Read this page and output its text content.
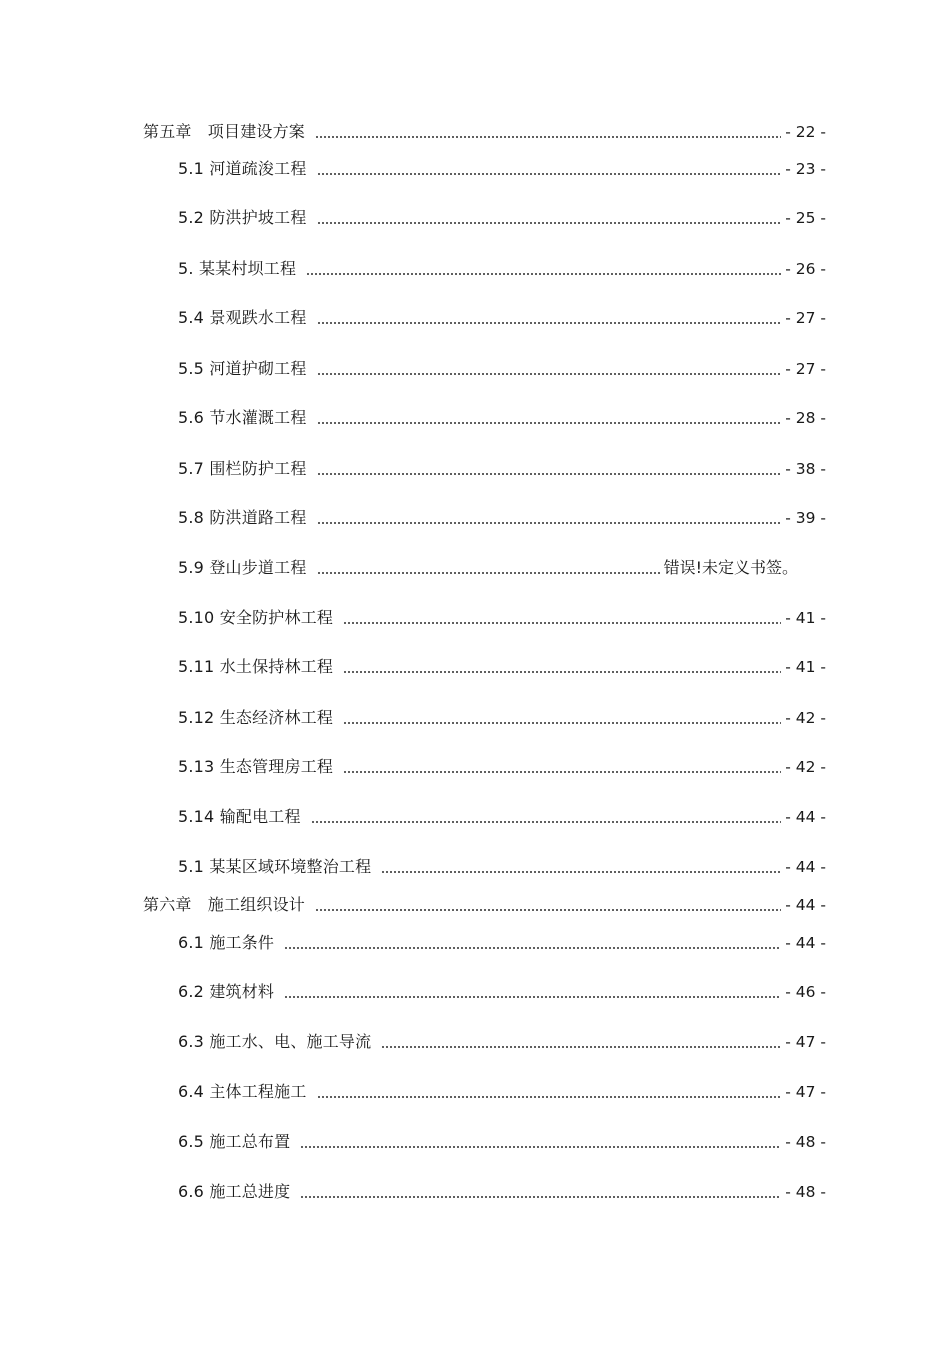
第五章　项目建设方案	- 22 -
5.1 河道疏浚工程	- 23 -
5.2 防洪护坡工程	- 25 -
5. 某某村坝工程	- 26 -
5.4 景观跌水工程	- 27 -
5.5 河道护砌工程	- 27 -
5.6 节水灌溉工程	- 28 -
5.7 围栏防护工程	- 38 -
5.8 防洪道路工程	- 39 -
5.9 登山步道工程	错误!未定义书签。
5.10 安全防护林工程	- 41 -
5.11 水土保持林工程	- 41 -
5.12 生态经济林工程	- 42 -
5.13 生态管理房工程	- 42 -
5.14 输配电工程	- 44 -
5.1 某某区域环境整治工程	- 44 -
第六章　施工组织设计	- 44 -
6.1 施工条件	- 44 -
6.2 建筑材料	- 46 -
6.3 施工水、电、施工导流	- 47 -
6.4 主体工程施工	- 47 -
6.5 施工总布置	- 48 -
6.6 施工总进度	- 48 -
